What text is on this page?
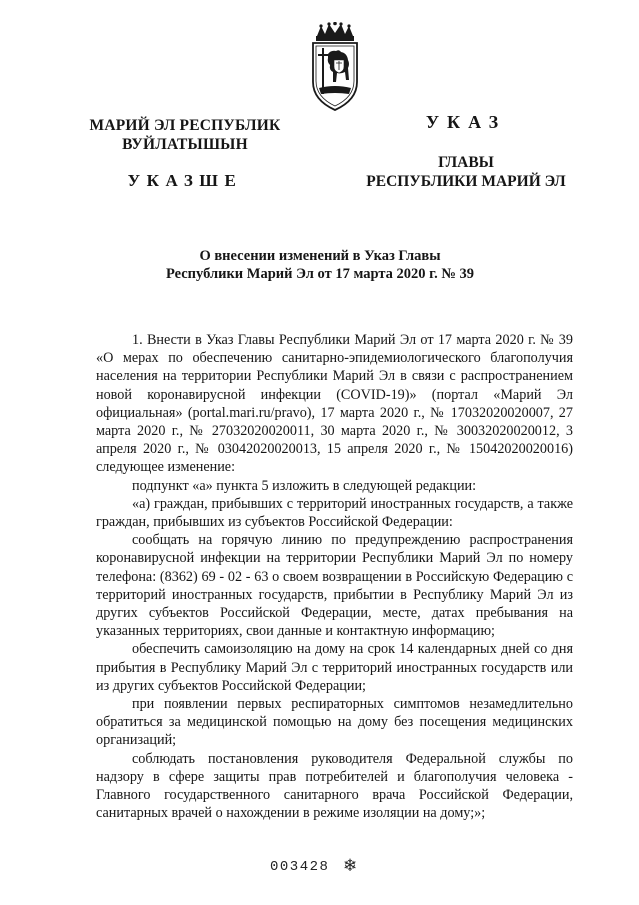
МАРИЙ ЭЛ РЕСПУБЛИК
ВУЙЛАТЫШЫН
УКАЗШЕ
УКАЗ
ГЛАВЫ
РЕСПУБЛИКИ МАРИЙ ЭЛ
О внесении изменений в Указ Главы
Республики Марий Эл от 17 марта 2020 г. № 39

1. Внести в Указ Главы Республики Марий Эл от 17 марта 2020 г. № 39 «О мерах по обеспечению санитарно-эпидемиологического благополучия населения на территории Республики Марий Эл в связи с распространением новой коронавирусной инфекции (COVID-19)» (портал «Марий Эл официальная» (portal.mari.ru/pravo), 17 марта 2020 г., № 17032020020007, 27 марта 2020 г., № 27032020020011, 30 марта 2020 г., № 30032020020012, 3 апреля 2020 г., № 03042020020013, 15 апреля 2020 г., № 15042020020016) следующее изменение:

подпункт «а» пункта 5 изложить в следующей редакции:

«а) граждан, прибывших с территорий иностранных государств, а также граждан, прибывших из субъектов Российской Федерации:

сообщать на горячую линию по предупреждению распространения коронавирусной инфекции на территории Республики Марий Эл по номеру телефона: (8362) 69 - 02 - 63 о своем возвращении в Российскую Федерацию с территорий иностранных государств, прибытии в Республику Марий Эл из других субъектов Российской Федерации, месте, датах пребывания на указанных территориях, свои данные и контактную информацию;

обеспечить самоизоляцию на дому на срок 14 календарных дней со дня прибытия в Республику Марий Эл с территорий иностранных государств или из других субъектов Российской Федерации;

при появлении первых респираторных симптомов незамедлительно обратиться за медицинской помощью на дому без посещения медицинских организаций;

соблюдать постановления руководителя Федеральной службы по надзору в сфере защиты прав потребителей и благополучия человека - Главного государственного санитарного врача Российской Федерации, санитарных врачей о нахождении в режиме изоляции на дому;»;

003428 ❄
